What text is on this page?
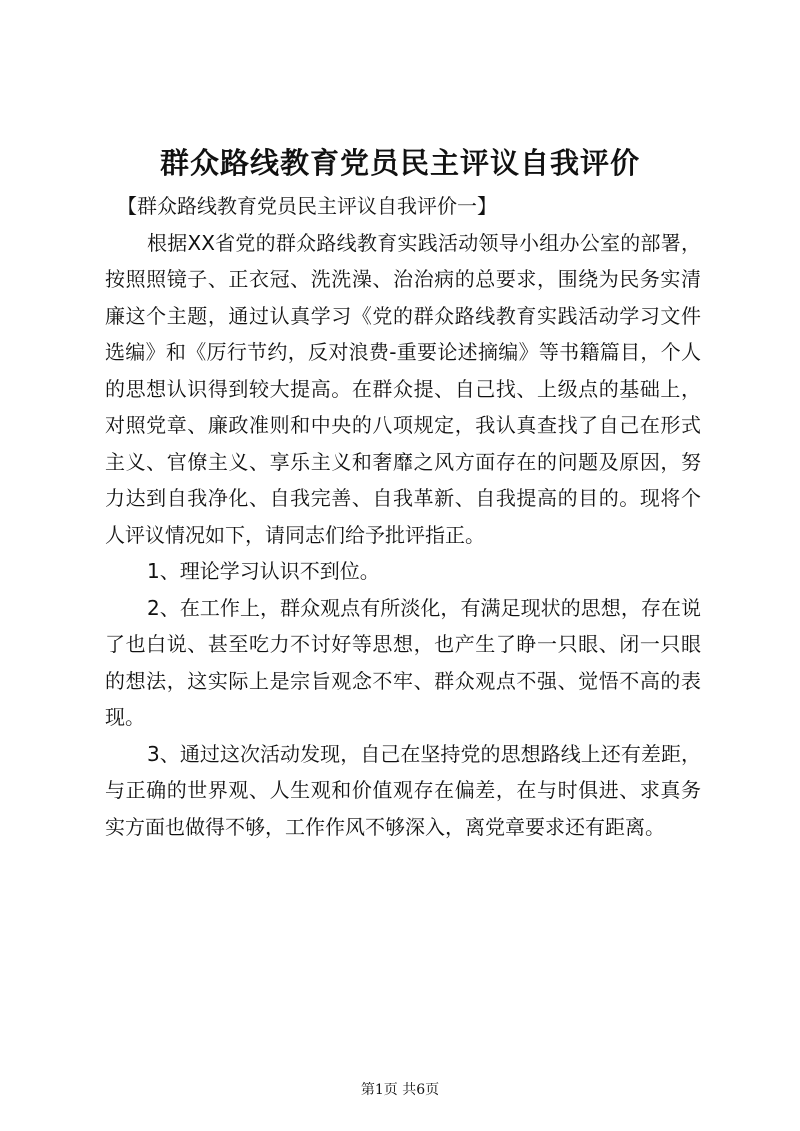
群众路线教育党员民主评议自我评价

【群众路线教育党员民主评议自我评价一】

根据XX省党的群众路线教育实践活动领导小组办公室的部署，按照照镜子、正衣冠、洗洗澡、治治病的总要求，围绕为民务实清廉这个主题，通过认真学习《党的群众路线教育实践活动学习文件选编》和《厉行节约，反对浪费-重要论述摘编》等书籍篇目，个人的思想认识得到较大提高。在群众提、自己找、上级点的基础上，对照党章、廉政准则和中央的八项规定，我认真查找了自己在形式主义、官僚主义、享乐主义和奢靡之风方面存在的问题及原因，努力达到自我净化、自我完善、自我革新、自我提高的目的。现将个人评议情况如下，请同志们给予批评指正。

1、理论学习认识不到位。

2、在工作上，群众观点有所淡化，有满足现状的思想，存在说了也白说、甚至吃力不讨好等思想，也产生了睁一只眼、闭一只眼的想法，这实际上是宗旨观念不牢、群众观点不强、觉悟不高的表现。

3、通过这次活动发现，自己在坚持党的思想路线上还有差距，与正确的世界观、人生观和价值观存在偏差，在与时俱进、求真务实方面也做得不够，工作作风不够深入，离党章要求还有距离。

第1页 共6页
